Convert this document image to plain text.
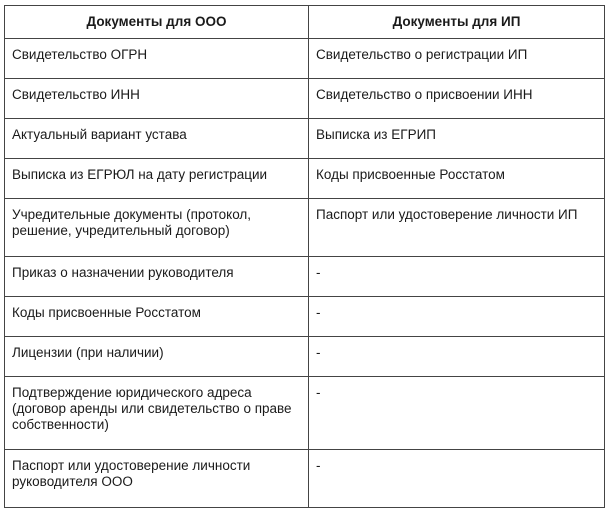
Документы для ООО	Документы для ИП
Свидетельство ОГРН	Свидетельство о регистрации ИП
Свидетельство ИНН	Свидетельство о присвоении ИНН
Актуальный вариант устава	Выписка из ЕГРИП
Выписка из ЕГРЮЛ на дату регистрации	Коды присвоенные Росстатом
Учредительные документы (протокол, решение, учредительный договор)	Паспорт или удостоверение личности ИП
Приказ о назначении руководителя	-
Коды присвоенные Росстатом	-
Лицензии (при наличии)	-
Подтверждение юридического адреса (договор аренды или свидетельство о праве собственности)	-
Паспорт или удостоверение личности руководителя ООО	-
